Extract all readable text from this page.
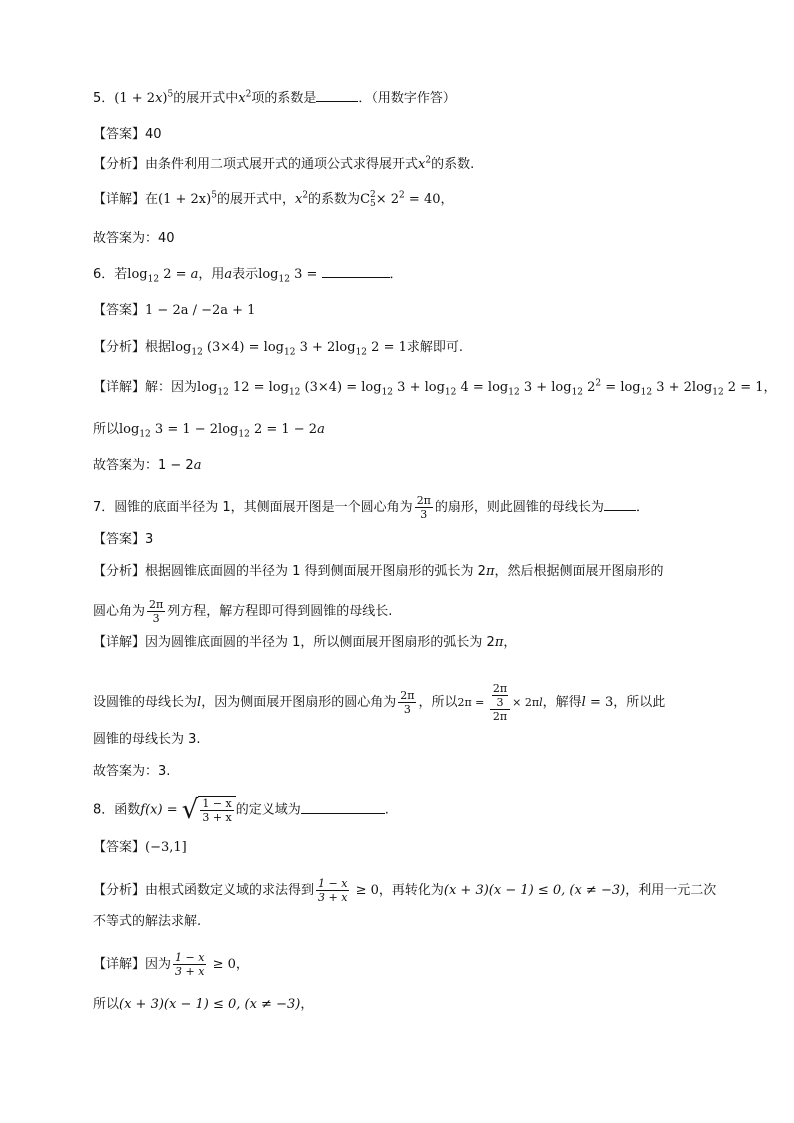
5．$(1 + 2x)^5$的展开式中$x^2$项的系数是	．（用数字作答）
【答案】40
【分析】由条件利用二项式展开式的通项公式求得展开式$x^2$的系数.
【详解】在$(1 + 2x)^5$的展开式中，$x^2$的系数为C 2
$5 \times 2^2 = 40$，
故答案为：40
6．若$\log_{12} 2 = a$，用a表示$\log_{12} 3$ =	．
【答案】1 − 2a / −2a + 1
【分析】根据$\log_{12} (3\times 4) = \log_{12} 3 + 2\log_{12}$ 2 = 1求解即可.
【详解】解：因为$\log_{12} 12 = \log_{12} (3\times 4) = \log_{12} 3 + \log_{12} 4 = \log_{12} 3 + \log_{12} 2^2 = \log_{12} 3 + 2\log_{12}$ 2 = 1，
所以$\log_{12} 3 = 1 - 2\log_{12}$ 2 = 1 − 2a
故答案为：1 − 2a
7．圆锥的底面半径为 1，其侧面展开图是一个圆心角为 $\frac{2\pi}{3}$ 的扇形，则此圆锥的母线长为 ．
【答案】3
【分析】根据圆锥底面圆的半径为 1 得到侧面展开图扇形的弧长为 2π，然后根据侧面展开图扇形的
圆心角为 $\frac{2\pi}{3}$ 列方程，解方程即可得到圆锥的母线长.
【详解】因为圆锥底面圆的半径为 1，所以侧面展开图扇形的弧长为 2π，
设圆锥的母线长为l，因为侧面展开图扇形的圆心角为 $\frac{2\pi}{3}$ ，所以$2\pi = \frac{\frac{2\pi}{3}}{2\pi} \times 2\pi l$，解得l = 3，所以此
圆锥的母线长为 3.
故答案为：3.
8．函数f(x) = √ $\frac{1 - x}{3 + x}$ 的定义域为	.
【答案】(−3,1]
【分析】由根式函数定义域的求法得到 $\frac{1 - x}{3 + x} \ge 0$，再转化为(x + 3)(x − 1) ≤ 0, (x ≠ −3)，利用一元二次
不等式的解法求解.
【详解】因为 $\frac{1 - x}{3 + x} \ge 0$，
所以(x + 3)(x − 1) ≤ 0, (x ≠ −3)，
